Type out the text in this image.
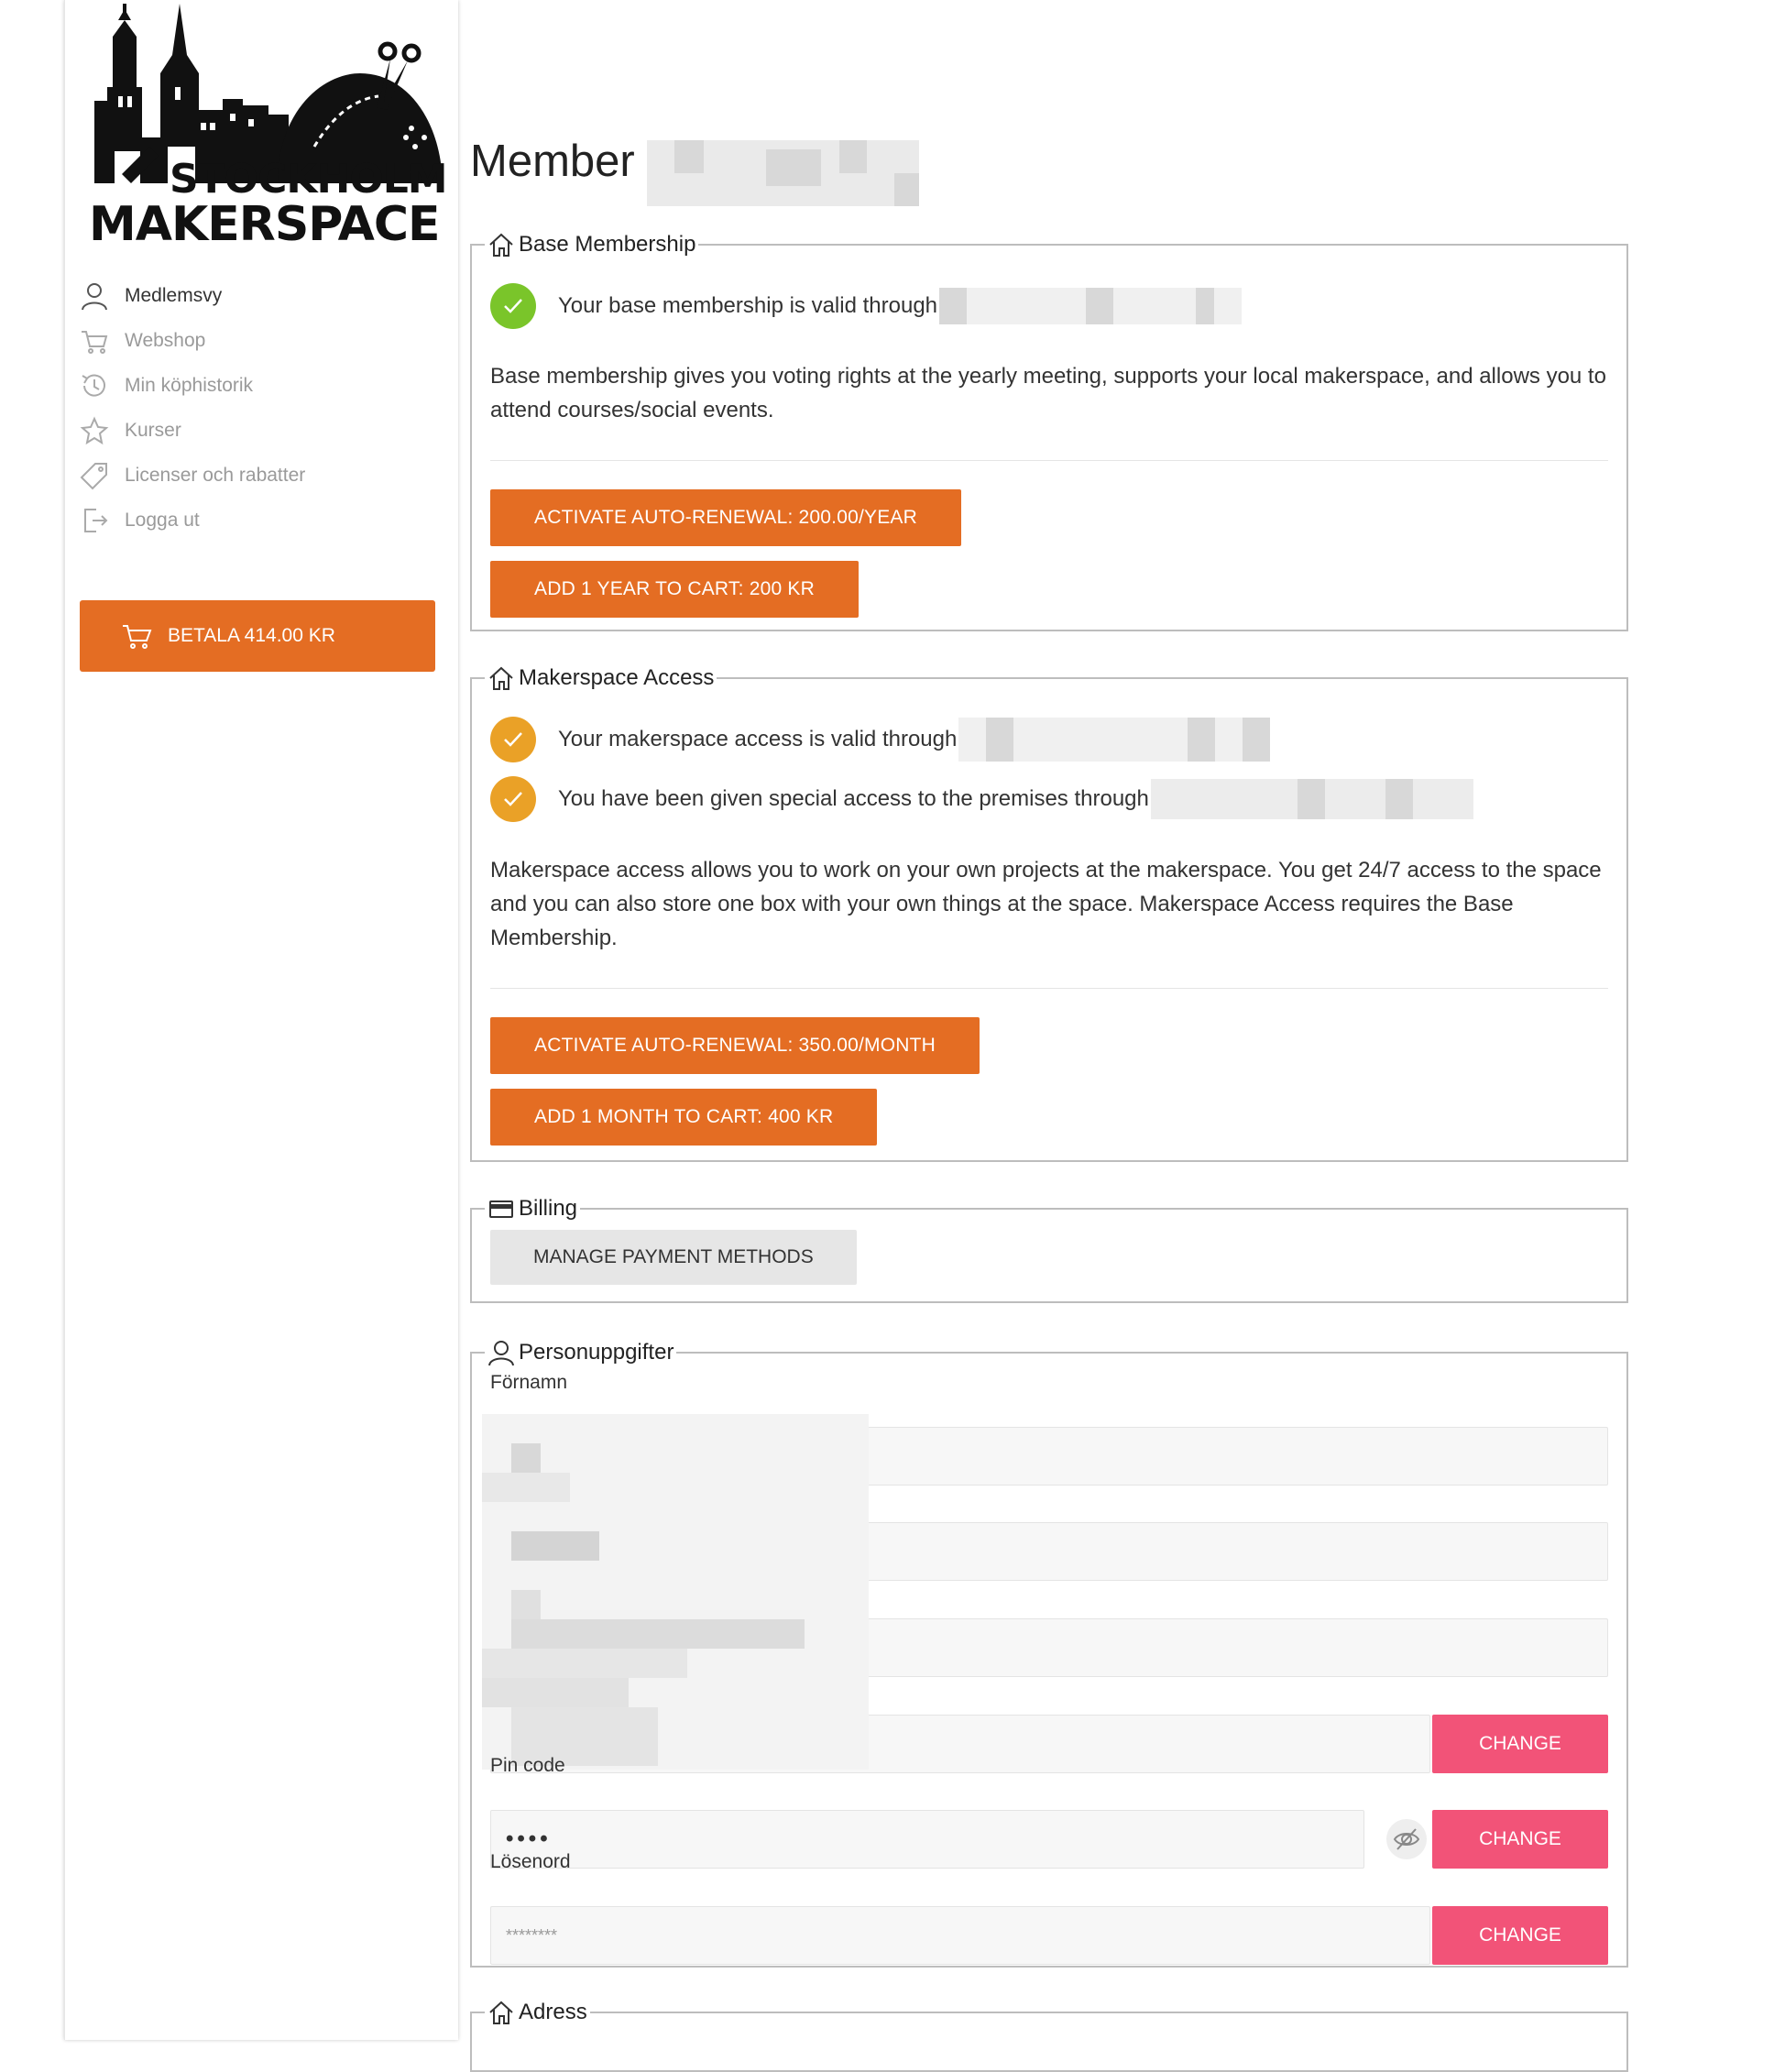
STOCKHOLM
MAKERSPACE
Medlemsvy
Webshop
Min köphistorik
Kurser
Licenser och rabatter
Logga ut
BETALA 414.00 KR
Member
Base Membership
Your base membership is valid through
Base membership gives you voting rights at the yearly meeting, supports your local makerspace, and allows you to attend courses/social events.
ACTIVATE AUTO-RENEWAL: 200.00/YEAR
ADD 1 YEAR TO CART: 200 KR
Makerspace Access
Your makerspace access is valid through
You have been given special access to the premises through
Makerspace access allows you to work on your own projects at the makerspace. You get 24/7 access to the space and you can also store one box with your own things at the space. Makerspace Access requires the Base Membership.
ACTIVATE AUTO-RENEWAL: 350.00/MONTH
ADD 1 MONTH TO CART: 400 KR
Billing
MANAGE PAYMENT METHODS
Personuppgifter
Förnamn
CHANGE
Pin code
••••	CHANGE
Lösenord
********	CHANGE
Adress
